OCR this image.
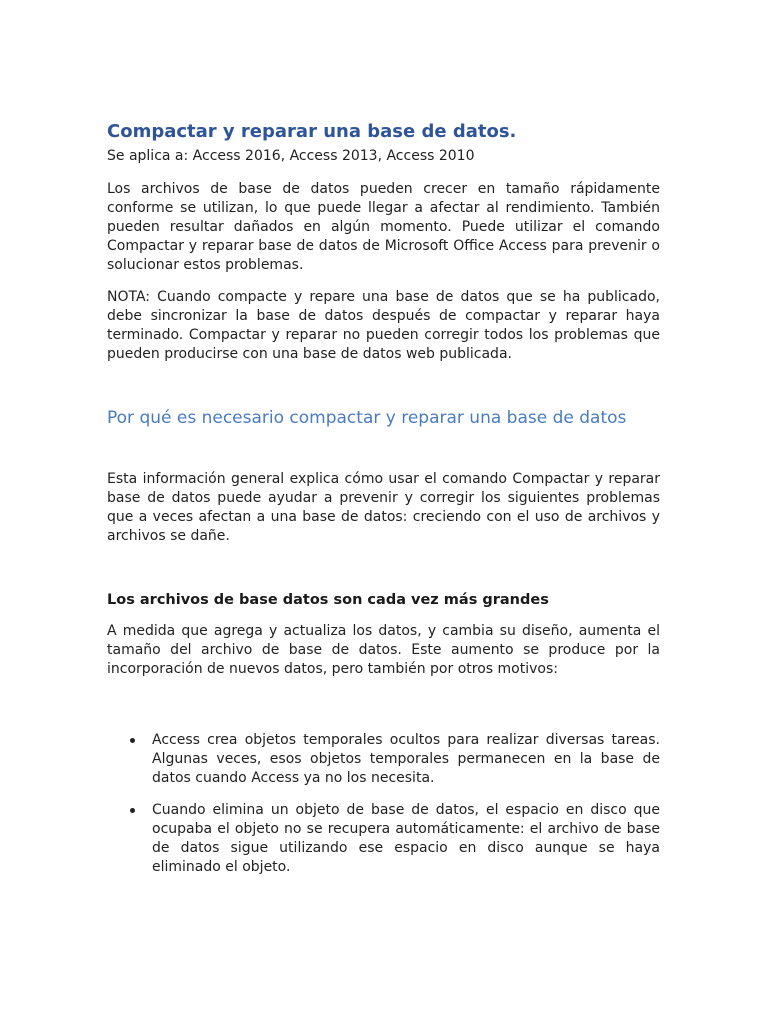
Compactar y reparar una base de datos.

Se aplica a: Access 2016, Access 2013, Access 2010

Los archivos de base de datos pueden crecer en tamaño rápidamente conforme se utilizan, lo que puede llegar a afectar al rendimiento. También pueden resultar dañados en algún momento. Puede utilizar el comando Compactar y reparar base de datos de Microsoft Office Access para prevenir o solucionar estos problemas.

NOTA: Cuando compacte y repare una base de datos que se ha publicado, debe sincronizar la base de datos después de compactar y reparar haya terminado. Compactar y reparar no pueden corregir todos los problemas que pueden producirse con una base de datos web publicada.

Por qué es necesario compactar y reparar una base de datos

Esta información general explica cómo usar el comando Compactar y reparar base de datos puede ayudar a prevenir y corregir los siguientes problemas que a veces afectan a una base de datos: creciendo con el uso de archivos y archivos se dañe.

Los archivos de base datos son cada vez más grandes

A medida que agrega y actualiza los datos, y cambia su diseño, aumenta el tamaño del archivo de base de datos. Este aumento se produce por la incorporación de nuevos datos, pero también por otros motivos:

Access crea objetos temporales ocultos para realizar diversas tareas. Algunas veces, esos objetos temporales permanecen en la base de datos cuando Access ya no los necesita.
Cuando elimina un objeto de base de datos, el espacio en disco que ocupaba el objeto no se recupera automáticamente: el archivo de base de datos sigue utilizando ese espacio en disco aunque se haya eliminado el objeto.
